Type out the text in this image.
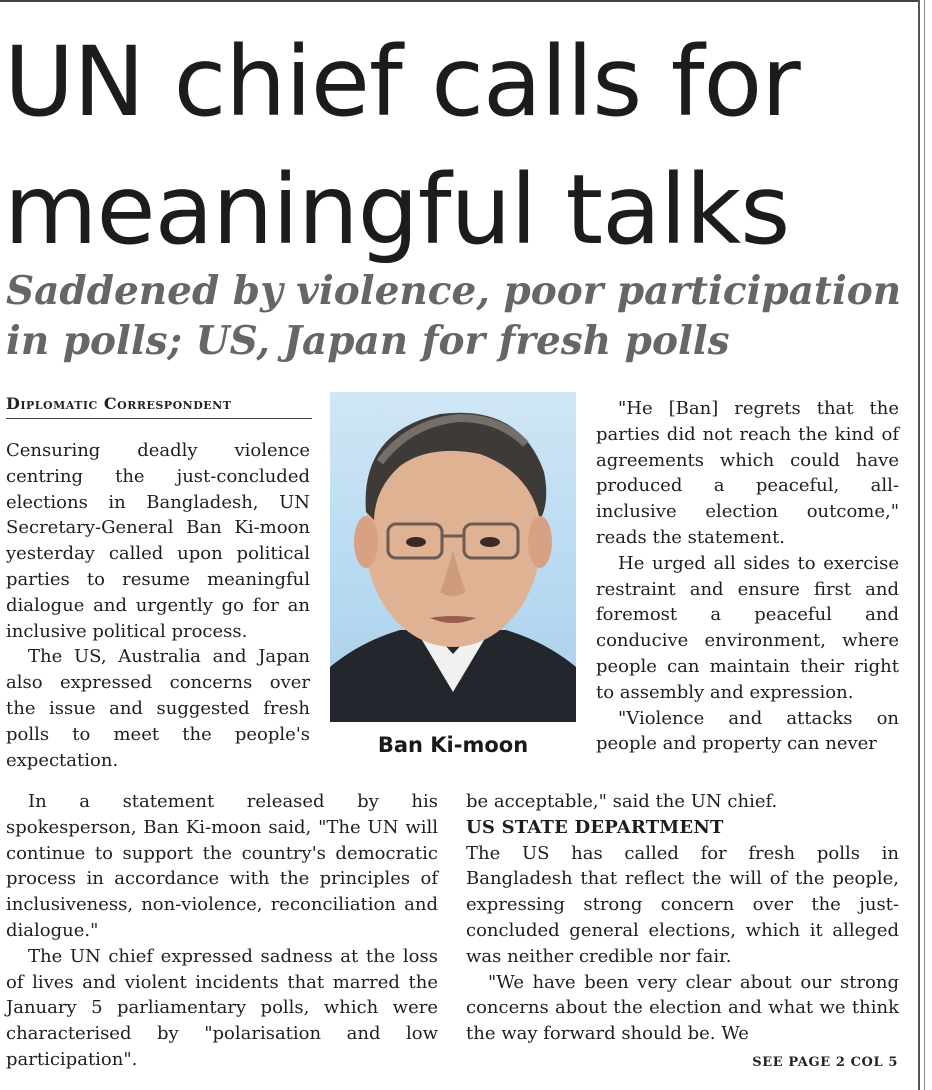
UN chief calls for
meaningful talks
Saddened by violence, poor participation
in polls; US, Japan for fresh polls
Diplomatic Correspondent

Censuring deadly violence centring the just-concluded elections in Bangladesh, UN Secretary-General Ban Ki-moon yesterday called upon political parties to resume meaningful dialogue and urgently go for an inclusive political process.

The US, Australia and Japan also expressed concerns over the issue and suggested fresh polls to meet the people's expectation.

In a statement released by his spokesperson, Ban Ki-moon said, "The UN will continue to support the country's democratic process in accordance with the principles of inclusiveness, non-violence, reconciliation and dialogue."

The UN chief expressed sadness at the loss of lives and violent incidents that marred the January 5 parliamentary polls, which were characterised by "polarisation and low participation".

Ban Ki-moon

"He [Ban] regrets that the parties did not reach the kind of agreements which could have produced a peaceful, all-inclusive election outcome," reads the statement.

He urged all sides to exercise restraint and ensure first and foremost a peaceful and conducive environment, where people can maintain their right to assembly and expression.

"Violence and attacks on people and property can never

be acceptable," said the UN chief.

US STATE DEPARTMENT

The US has called for fresh polls in Bangladesh that reflect the will of the people, expressing strong concern over the just-concluded general elections, which it alleged was neither credible nor fair.

"We have been very clear about our strong concerns about the election and what we think the way forward should be. We

SEE PAGE 2 COL 5
